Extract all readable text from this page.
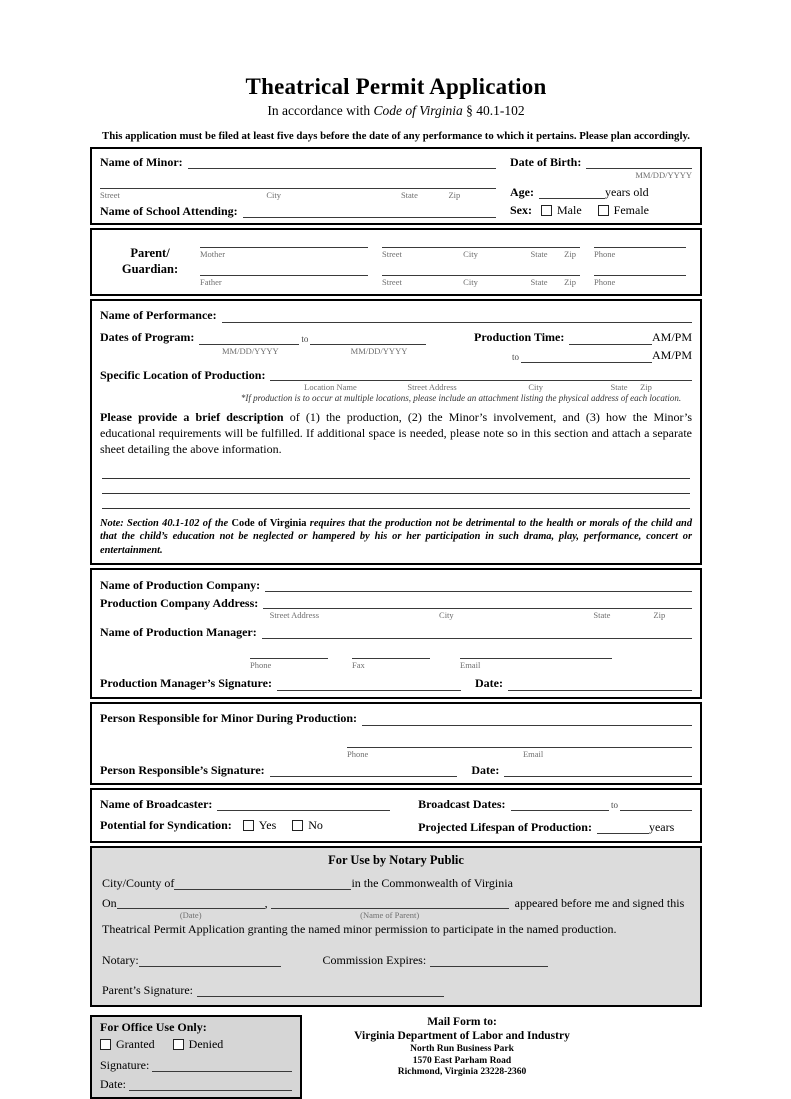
Theatrical Permit Application
In accordance with Code of Virginia § 40.1-102
This application must be filed at least five days before the date of any performance to which it pertains. Please plan accordingly.
Name of Minor:
Street	City	State	Zip
Name of School Attending:
Date of Birth:
MM/DD/YYYY
Age:	years old
Sex: Male	Female
Parent/
Guardian:
Mother	Street	City	State	Zip Phone
Father	Street	City	State	Zip Phone
Name of Performance:
Dates of Program:	to
MM/DD/YYYY	MM/DD/YYYY
Production Time:	AM/PM
to	AM/PM
Specific Location of Production:
Location Name	Street Address	City	State Zip
*If production is to occur at multiple locations, please include an attachment listing the physical address of each location.

Please provide a brief description of (1) the production, (2) the Minor’s involvement, and (3) how the Minor’s educational requirements will be fulfilled. If additional space is needed, please note so in this section and attach a separate sheet detailing the above information.

Note: Section 40.1-102 of the Code of Virginia requires that the production not be detrimental to the health or morals of the child and that the child’s education not be neglected or hampered by his or her participation in such drama, play, performance, concert or entertainment.

Name of Production Company:
Production Company Address:
Street Address	City	State	Zip
Name of Production Manager:
Phone	Fax	Email
Production Manager’s Signature:	Date:
Person Responsible for Minor During Production:
Phone	Email
Person Responsible’s Signature:	Date:
Name of Broadcaster:	Broadcast Dates:	to
Potential for Syndication: Yes	No	Projected Lifespan of Production:	years
For Use by Notary Public
City/County of	in the Commonwealth of Virginia
On
(Date)
,
(Name of Parent)
appeared before me and signed this
Theatrical Permit Application granting the named minor permission to participate in the named production.
Notary:	Commission Expires:
Parent’s Signature:
For Office Use Only:
Granted	Denied
Signature:
Date:
Mail Form to:
Virginia Department of Labor and Industry
North Run Business Park
1570 East Parham Road
Richmond, Virginia 23228-2360
